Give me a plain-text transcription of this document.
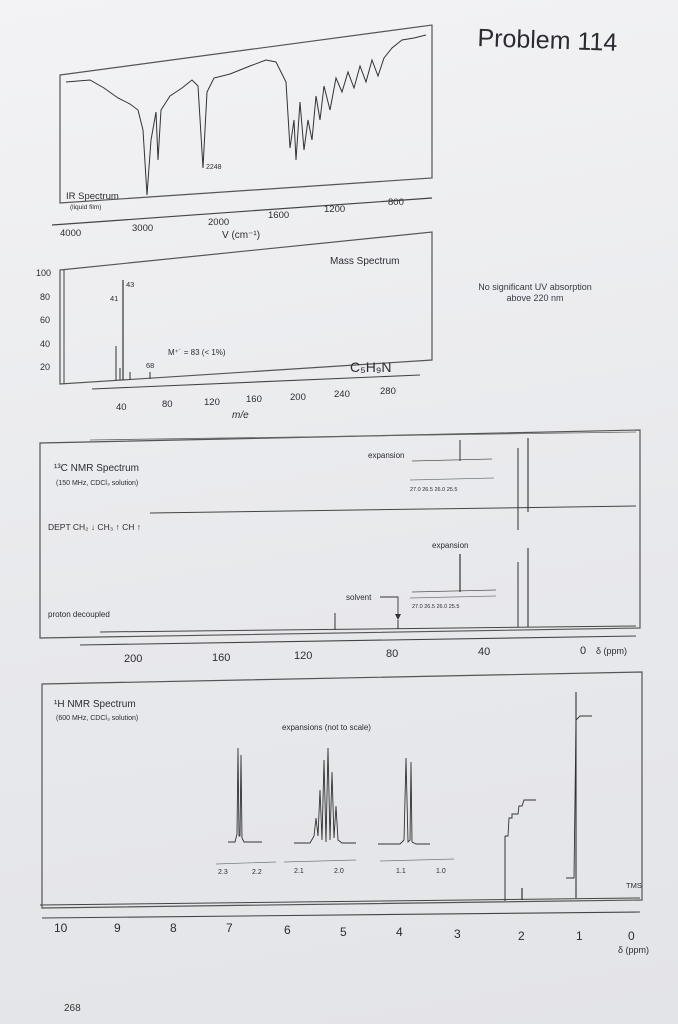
Problem 114
No significant UV absorption above 220 nm
268
IR Spectrum
(liquid film)
2248
4000	3000
2000
1600
1200
800
V (cm⁻¹)
Mass Spectrum
100
80
60
40
20
43
41
68
M⁺˙ = 83 (< 1%)
C₅H₉N
40	80	120	160	200	240	280
m/e
¹³C NMR Spectrum
(150 MHz, CDCl₃ solution)
DEPT CH₂ ↓ CH₃ ↑ CH ↑
proton decoupled
expansion
27.0 26.5 26.0 25.5
expansion
27.0 26.5 26.0 25.5
solvent
200	160	120	80	40	0 δ (ppm)
¹H NMR Spectrum
(600 MHz, CDCl₃ solution)
expansions (not to scale)
2.3	2.2	2.1	2.0	1.1	1.0
TMS
10	9	8	7	6	5	4	3	2	1	0
δ (ppm)
